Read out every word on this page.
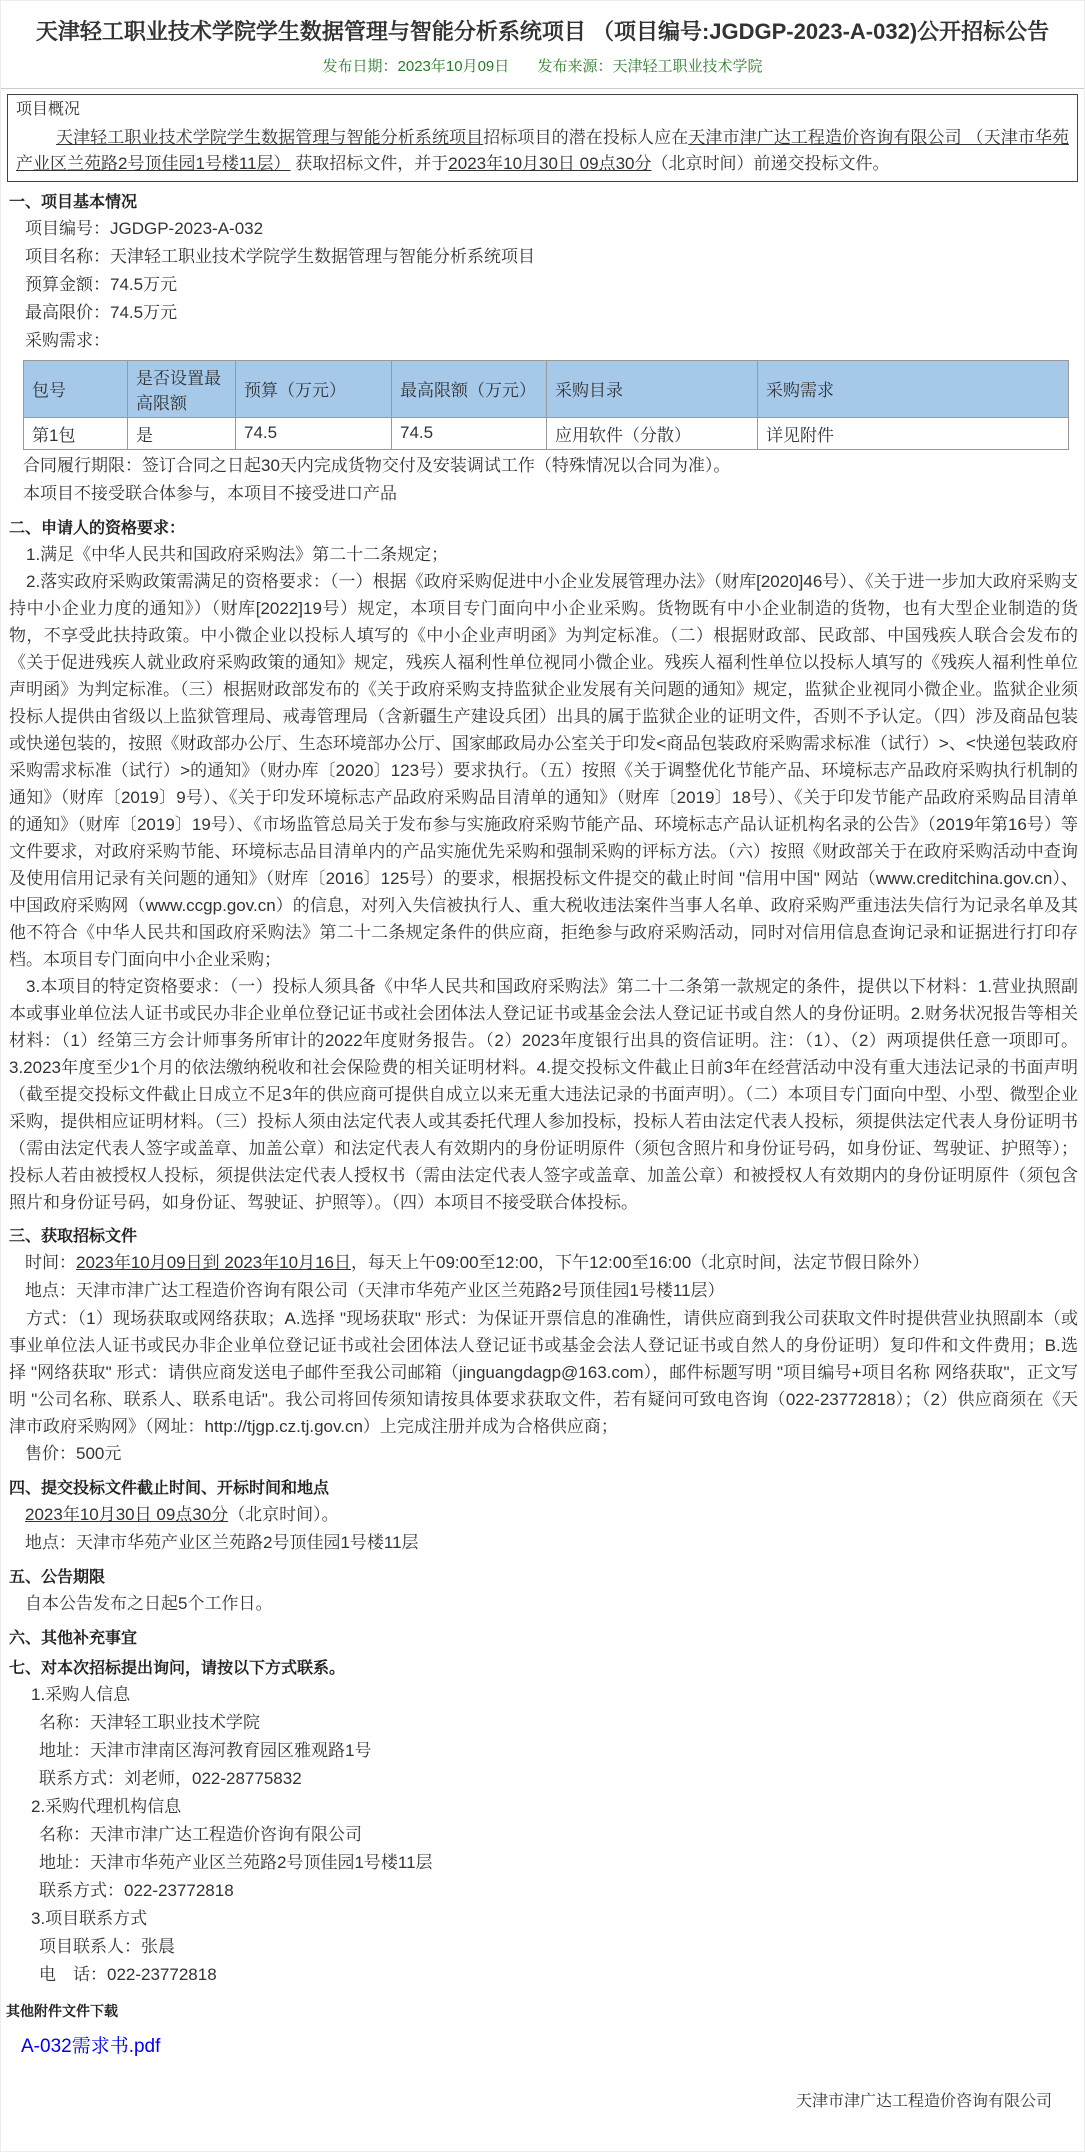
天津轻工职业技术学院学生数据管理与智能分析系统项目 （项目编号:JGDGP-2023-A-032)公开招标公告
发布日期：2023年10月09日 发布来源：天津轻工职业技术学院
项目概况

天津轻工职业技术学院学生数据管理与智能分析系统项目招标项目的潜在投标人应在天津市津广达工程造价咨询有限公司 （天津市华苑产业区兰苑路2号顶佳园1号楼11层） 获取招标文件，并于2023年10月30日 09点30分（北京时间）前递交投标文件。

一、项目基本情况
项目编号：JGDGP-2023-A-032
项目名称：天津轻工职业技术学院学生数据管理与智能分析系统项目
预算金额：74.5万元
最高限价：74.5万元
采购需求：
包号	是否设置最高限额	预算（万元）	最高限额（万元）	采购目录	采购需求
第1包	是	74.5	74.5	应用软件（分散）	详见附件
合同履行期限：签订合同之日起30天内完成货物交付及安装调试工作（特殊情况以合同为准）。
本项目不接受联合体参与，本项目不接受进口产品
二、申请人的资格要求：

1.满足《中华人民共和国政府采购法》第二十二条规定；

2.落实政府采购政策需满足的资格要求：（一）根据《政府采购促进中小企业发展管理办法》（财库[2020]46号）、《关于进一步加大政府采购支持中小企业力度的通知》）（财库[2022]19号）规定，本项目专门面向中小企业采购。货物既有中小企业制造的货物，也有大型企业制造的货物，不享受此扶持政策。中小微企业以投标人填写的《中小企业声明函》为判定标准。（二）根据财政部、民政部、中国残疾人联合会发布的《关于促进残疾人就业政府采购政策的通知》规定，残疾人福利性单位视同小微企业。残疾人福利性单位以投标人填写的《残疾人福利性单位声明函》为判定标准。（三）根据财政部发布的《关于政府采购支持监狱企业发展有关问题的通知》规定，监狱企业视同小微企业。监狱企业须投标人提供由省级以上监狱管理局、戒毒管理局（含新疆生产建设兵团）出具的属于监狱企业的证明文件，否则不予认定。（四）涉及商品包装或快递包装的，按照《财政部办公厅、生态环境部办公厅、国家邮政局办公室关于印发<商品包装政府采购需求标准（试行）>、<快递包装政府采购需求标准（试行）>的通知》（财办库〔2020〕123号）要求执行。（五）按照《关于调整优化节能产品、环境标志产品政府采购执行机制的通知》（财库〔2019〕9号）、《关于印发环境标志产品政府采购品目清单的通知》（财库〔2019〕18号）、《关于印发节能产品政府采购品目清单的通知》（财库〔2019〕19号）、《市场监管总局关于发布参与实施政府采购节能产品、环境标志产品认证机构名录的公告》（2019年第16号）等文件要求，对政府采购节能、环境标志品目清单内的产品实施优先采购和强制采购的评标方法。（六）按照《财政部关于在政府采购活动中查询及使用信用记录有关问题的通知》（财库〔2016〕125号）的要求，根据投标文件提交的截止时间 "信用中国" 网站（www.creditchina.gov.cn）、中国政府采购网（www.ccgp.gov.cn）的信息，对列入失信被执行人、重大税收违法案件当事人名单、政府采购严重违法失信行为记录名单及其他不符合《中华人民共和国政府采购法》第二十二条规定条件的供应商，拒绝参与政府采购活动，同时对信用信息查询记录和证据进行打印存档。本项目专门面向中小企业采购；

3.本项目的特定资格要求：（一）投标人须具备《中华人民共和国政府采购法》第二十二条第一款规定的条件，提供以下材料：1.营业执照副本或事业单位法人证书或民办非企业单位登记证书或社会团体法人登记证书或基金会法人登记证书或自然人的身份证明。2.财务状况报告等相关材料：（1）经第三方会计师事务所审计的2022年度财务报告。（2）2023年度银行出具的资信证明。注：（1）、（2）两项提供任意一项即可。3.2023年度至少1个月的依法缴纳税收和社会保险费的相关证明材料。4.提交投标文件截止日前3年在经营活动中没有重大违法记录的书面声明（截至提交投标文件截止日成立不足3年的供应商可提供自成立以来无重大违法记录的书面声明）。（二）本项目专门面向中型、小型、微型企业采购，提供相应证明材料。（三）投标人须由法定代表人或其委托代理人参加投标，投标人若由法定代表人投标，须提供法定代表人身份证明书（需由法定代表人签字或盖章、加盖公章）和法定代表人有效期内的身份证明原件（须包含照片和身份证号码，如身份证、驾驶证、护照等）；投标人若由被授权人投标，须提供法定代表人授权书（需由法定代表人签字或盖章、加盖公章）和被授权人有效期内的身份证明原件（须包含照片和身份证号码，如身份证、驾驶证、护照等）。（四）本项目不接受联合体投标。

三、获取招标文件
时间：2023年10月09日到 2023年10月16日，每天上午09:00至12:00，下午12:00至16:00（北京时间，法定节假日除外）
地点：天津市津广达工程造价咨询有限公司（天津市华苑产业区兰苑路2号顶佳园1号楼11层）

方式：（1）现场获取或网络获取；A.选择 "现场获取" 形式：为保证开票信息的准确性，请供应商到我公司获取文件时提供营业执照副本（或事业单位法人证书或民办非企业单位登记证书或社会团体法人登记证书或基金会法人登记证书或自然人的身份证明）复印件和文件费用；B.选择 "网络获取" 形式：请供应商发送电子邮件至我公司邮箱（jinguangdagp@163.com），邮件标题写明 "项目编号+项目名称 网络获取"，正文写明 "公司名称、联系人、联系电话"。我公司将回传须知请按具体要求获取文件，若有疑问可致电咨询（022-23772818）；（2）供应商须在《天津市政府采购网》（网址：http://tjgp.cz.tj.gov.cn）上完成注册并成为合格供应商；

售价：500元
四、提交投标文件截止时间、开标时间和地点
2023年10月30日 09点30分（北京时间）。
地点：天津市华苑产业区兰苑路2号顶佳园1号楼11层
五、公告期限
自本公告发布之日起5个工作日。
六、其他补充事宜
七、对本次招标提出询问，请按以下方式联系。
1.采购人信息
名称：天津轻工职业技术学院
地址：天津市津南区海河教育园区雅观路1号
联系方式：刘老师，022-28775832
2.采购代理机构信息
名称：天津市津广达工程造价咨询有限公司
地址：天津市华苑产业区兰苑路2号顶佳园1号楼11层
联系方式：022-23772818
3.项目联系方式
项目联系人：张晨
电　话：022-23772818
其他附件文件下载
A-032需求书.pdf
天津市津广达工程造价咨询有限公司
